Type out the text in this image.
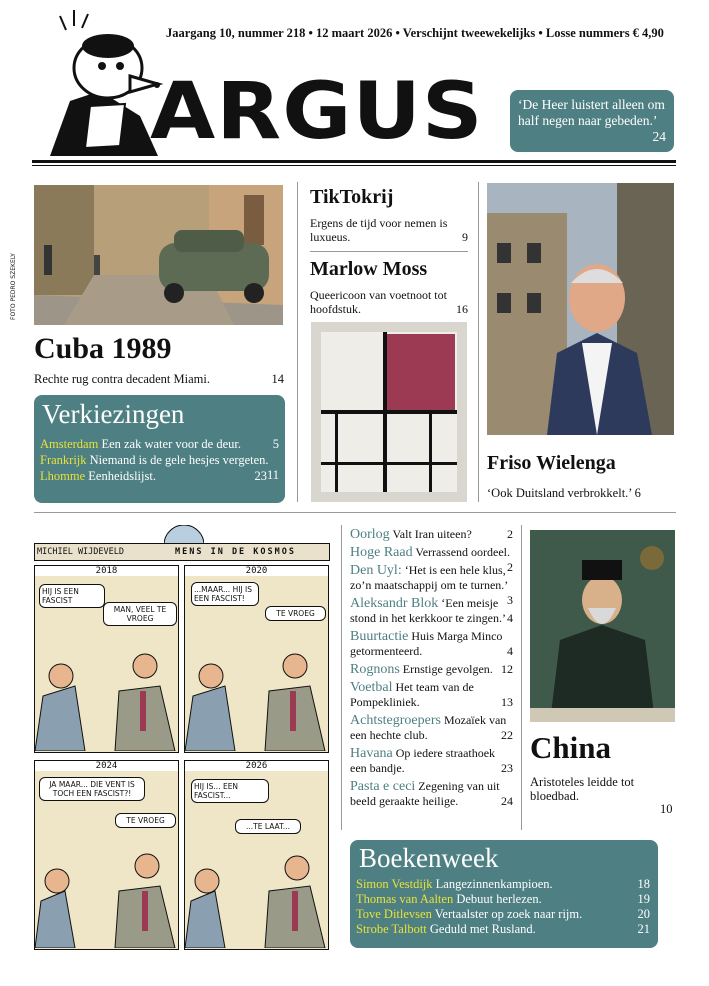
Jaargang 10, nummer 218 • 12 maart 2026 • Verschijnt tweewekelijks • Losse nummers € 4,90
ARGUS	‘De Heer luistert alleen om half negen naar gebeden.’
24
FOTO PEDRO SZEKELY
Cuba 1989
Rechte rug contra decadent Miami.	14
Verkiezingen
Amsterdam Een zak water voor de deur.	5
Frankrijk Niemand is de gele hesjes vergeten.
11
Lhomme Eenheidslijst.	23
TikTokrij
Ergens de tijd voor nemen is luxueus.	9
Marlow Moss
Queericoon van voetnoot tot hoofdstuk.	16
Friso Wielenga
‘Ook Duitsland verbrokkelt.’ 6
MICHIEL WIJDEVELD	MENS IN DE KOSMOS
2018
HIJ IS EEN FASCIST
MAN, VEEL TE VROEG
2020
...MAAR... HIJ IS EEN FASCIST!
TE VROEG
2024
JA MAAR... DIE VENT IS TOCH EEN FASCIST?!
TE VROEG
2026
HIJ IS... EEN FASCIST...
...TE LAAT...
Oorlog Valt Iran uiteen?	2
Hoge Raad Verrassend oordeel.
2
Den Uyl: ‘Het is een hele klus, zo’n maatschappij om te turnen.’
3
Aleksandr Blok ‘Een meisje stond in het kerkkoor te zingen.’ 4
Buurtactie Huis Marga Minco getormenteerd.	4
Rognons Ernstige gevolgen. 12
Voetbal Het team van de Pompekliniek.	13
Achtstegroepers Mozaïek van een hechte club.	22
Havana Op iedere straathoek een bandje.	23
Pasta e ceci Zegening van uit beeld geraakte heilige.	24
China
Aristoteles leidde tot bloedbad.
10
Boekenweek
Simon Vestdijk Langezinnenkampioen.	18
Thomas van Aalten Debuut herlezen.	19
Tove Ditlevsen Vertaalster op zoek naar rijm.	20
Strobe Talbott Geduld met Rusland.	21
